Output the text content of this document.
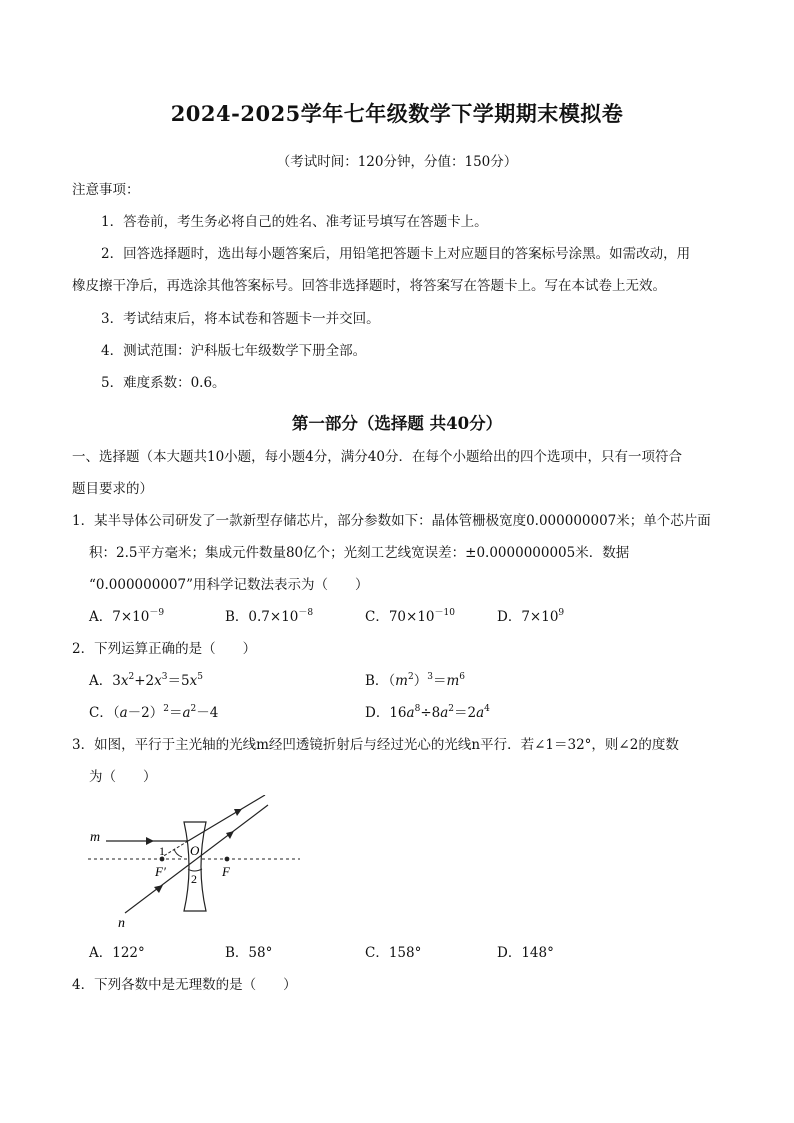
2024-2025学年七年级数学下学期期末模拟卷
（考试时间：120分钟，分值：150分）
注意事项：
1．答卷前，考生务必将自己的姓名、准考证号填写在答题卡上。
2．回答选择题时，选出每小题答案后，用铅笔把答题卡上对应题目的答案标号涂黑。如需改动，用
橡皮擦干净后，再选涂其他答案标号。回答非选择题时，将答案写在答题卡上。写在本试卷上无效。
3．考试结束后，将本试卷和答题卡一并交回。
4．测试范围：沪科版七年级数学下册全部。
5．难度系数：0.6。
第一部分（选择题 共40分）
一、选择题（本大题共10小题，每小题4分，满分40分．在每个小题给出的四个选项中，只有一项符合
题目要求的）
1．某半导体公司研发了一款新型存储芯片，部分参数如下：晶体管栅极宽度0.000000007米；单个芯片面
积：2.5平方毫米；集成元件数量80亿个；光刻工艺线宽误差：±0.0000000005米．数据
“0.000000007”用科学记数法表示为（　　）
A．$7\times 10^{-9}$	B．$0.7\times 10^{-8}$	C．$70\times 10^{-10}$	D．$7\times 10^9$
2．下列运算正确的是（　　）
A．$3x^2+2x^3=5x^5$	B．$(m^2)^3=m^6$
C．$(a-2)^2=a^2-4$	D．$16a^8\div 8a^2=2a^4$
3．如图，平行于主光轴的光线m经凹透镜折射后与经过光心的光线n平行．若∠1＝32°，则∠2的度数
为（　　）
m
n
1
2
O
F
F′
A．122°	B．58°	C．158°	D．148°
4．下列各数中是无理数的是（　　）
